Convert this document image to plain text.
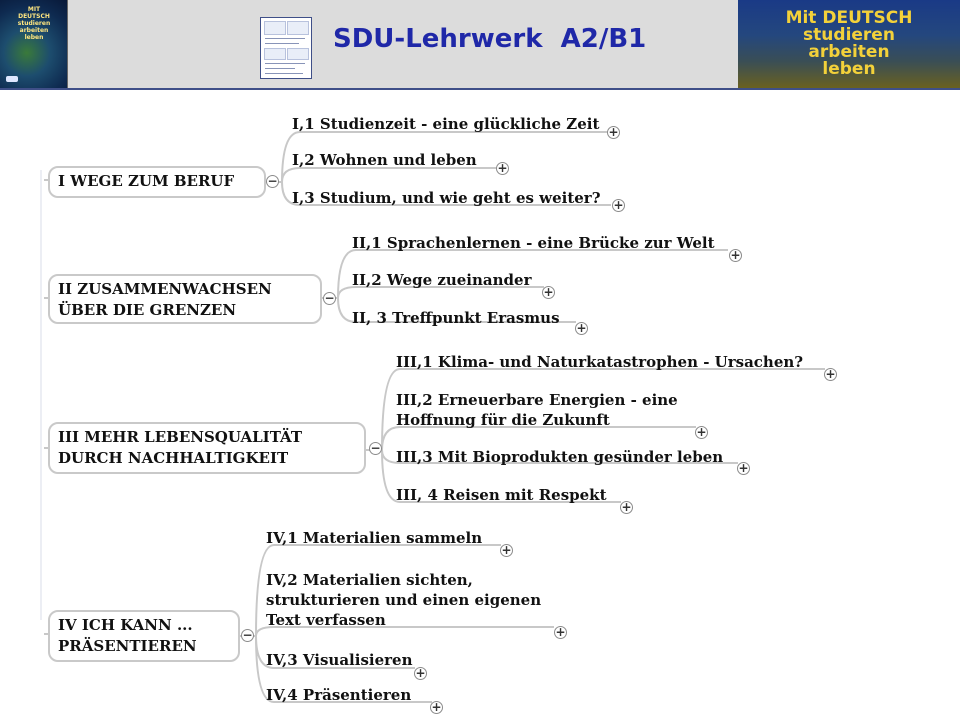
MIT
DEUTSCH
studieren
arbeiten
leben	SDU-Lehrwerk  A2/B1
Mit DEUTSCH
studieren
arbeiten
leben
I WEGE ZUM BERUF	−
I,1 Studienzeit - eine glückliche Zeit +
I,2 Wohnen und leben +
I,3 Studium, und wie geht es weiter? +
II ZUSAMMENWACHSEN
ÜBER DIE GRENZEN
−
II,1 Sprachenlernen - eine Brücke zur Welt
+
II,2 Wege zueinander
+
II, 3 Treffpunkt Erasmus
+
III MEHR LEBENSQUALITÄT
DURCH NACHHALTIGKEIT
−
III,1 Klima- und Naturkatastrophen - Ursachen?
+
III,2 Erneuerbare Energien - eine
Hoffnung für die Zukunft
+
III,3 Mit Bioprodukten gesünder leben
+
III, 4 Reisen mit Respekt
+
IV ICH KANN ...
PRÄSENTIEREN
−
IV,1 Materialien sammeln
+
IV,2 Materialien sichten,
strukturieren und einen eigenen
Text verfassen
+
IV,3 Visualisieren
+
IV,4 Präsentieren
+
